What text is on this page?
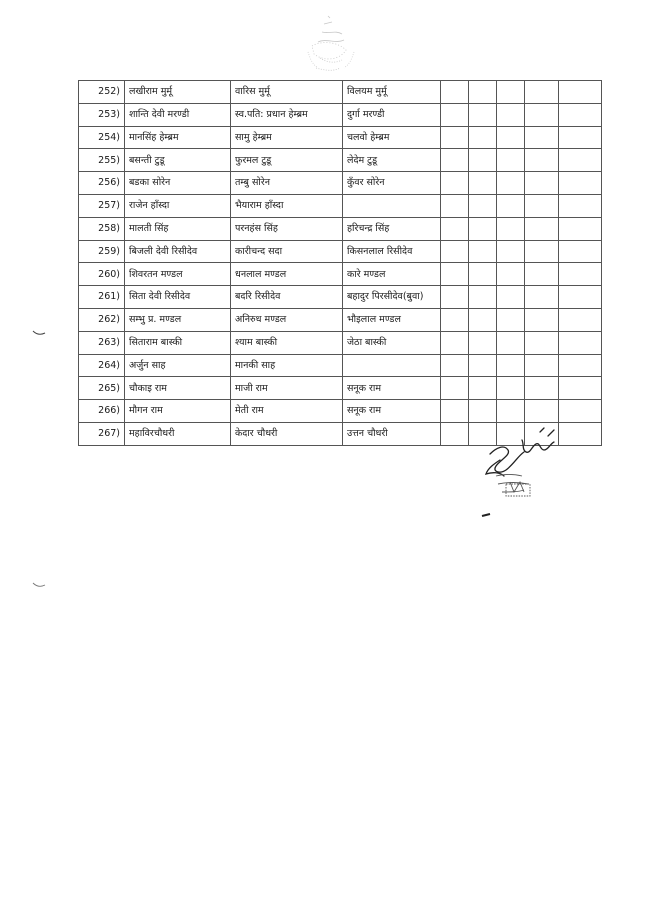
252)	लखीराम मुर्मू	वारिस मुर्मू	विलयम मुर्मू					
253)	शान्ति देवी मरण्डी	स्व.पति: प्रधान हेम्ब्रम	दुर्गा मरण्डी					
254)	मानसिंह हेम्ब्रम	सामु हेम्ब्रम	चलवो हेम्ब्रम					
255)	बसन्ती टुडू	फुरमल टुडू	लेदेम टुडू					
256)	बडका सोरेन	तम्बु सोरेन	कुँवर सोरेन					
257)	राजेन हाँस्दा	भैयाराम हाँस्दा						
258)	मालती सिंह	परनहंस सिंह	हरिचन्द्र सिंह					
259)	बिजली देवी रिसीदेव	कारीचन्द सदा	किसनलाल रिसीदेव					
260)	शिवरतन मण्डल	धनलाल मण्डल	कारे मण्डल					
261)	सिता देवी रिसीदेव	बदरि रिसीदेव	बहादुर पिरसीदेव(बुवा)					
262)	सम्भु प्र. मण्डल	अनिरुध मण्डल	भौइलाल मण्डल					
263)	सिताराम बास्की	श्याम बास्की	जेठा बास्की					
264)	अर्जुन साह	मानकी साह						
265)	चौकाइ राम	माजी राम	सनूक राम					
266)	मौगन राम	मेती राम	सनूक राम					
267)	महाविरचौधरी	केदार चौधरी	उत्तन चौधरी					
